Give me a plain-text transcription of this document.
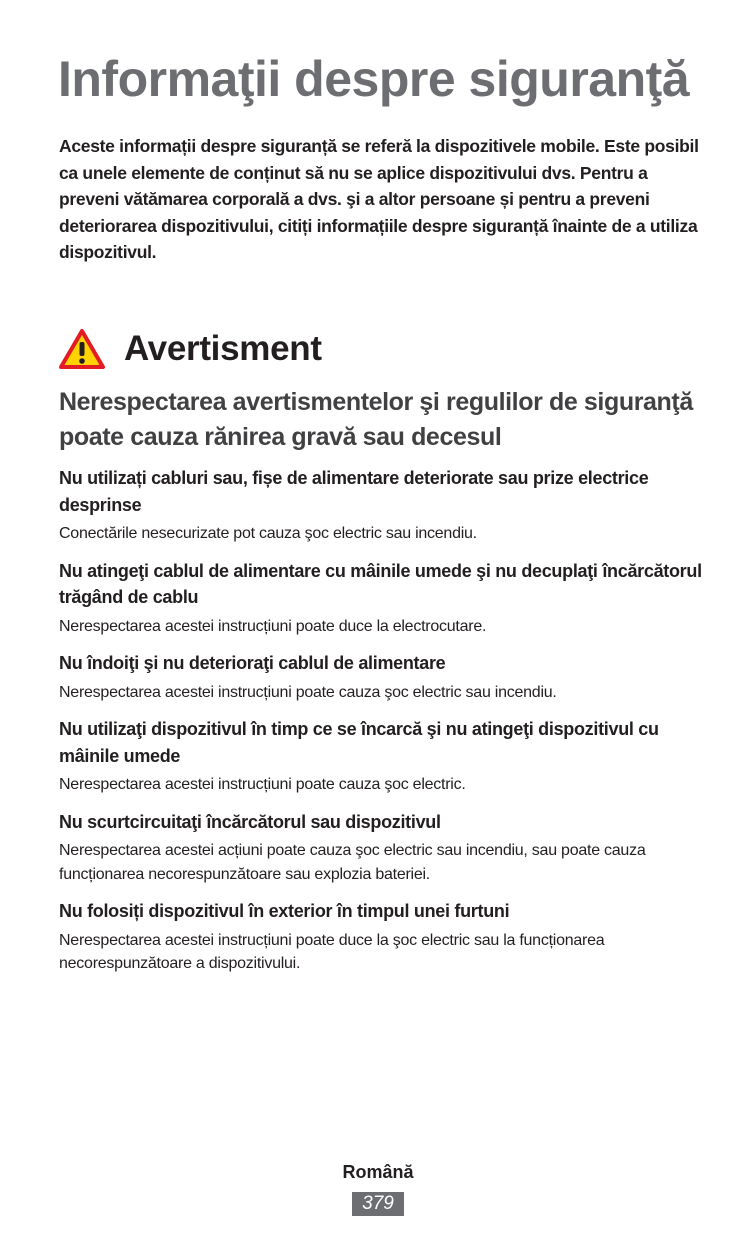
Informaţii despre siguranţă

Aceste informații despre siguranță se referă la dispozitivele mobile. Este posibil ca unele elemente de conținut să nu se aplice dispozitivului dvs. Pentru a preveni vătămarea corporală a dvs. şi a altor persoane și pentru a preveni deteriorarea dispozitivului, citiți informațiile despre siguranță înainte de a utiliza dispozitivul.

Avertisment
Nerespectarea avertismentelor şi regulilor de siguranţă poate cauza rănirea gravă sau decesul

Nu utilizați cabluri sau, fișe de alimentare deteriorate sau prize electrice desprinse

Conectările nesecurizate pot cauza şoc electric sau incendiu.

Nu atingeţi cablul de alimentare cu mâinile umede şi nu decuplaţi încărcătorul trăgând de cablu

Nerespectarea acestei instrucțiuni poate duce la electrocutare.

Nu îndoiţi şi nu deterioraţi cablul de alimentare

Nerespectarea acestei instrucțiuni poate cauza şoc electric sau incendiu.

Nu utilizaţi dispozitivul în timp ce se încarcă şi nu atingeţi dispozitivul cu mâinile umede

Nerespectarea acestei instrucțiuni poate cauza şoc electric.

Nu scurtcircuitaţi încărcătorul sau dispozitivul

Nerespectarea acestei acțiuni poate cauza şoc electric sau incendiu, sau poate cauza funcționarea necorespunzătoare sau explozia bateriei.

Nu folosiți dispozitivul în exterior în timpul unei furtuni

Nerespectarea acestei instrucțiuni poate duce la şoc electric sau la funcționarea necorespunzătoare a dispozitivului.

Română
379
